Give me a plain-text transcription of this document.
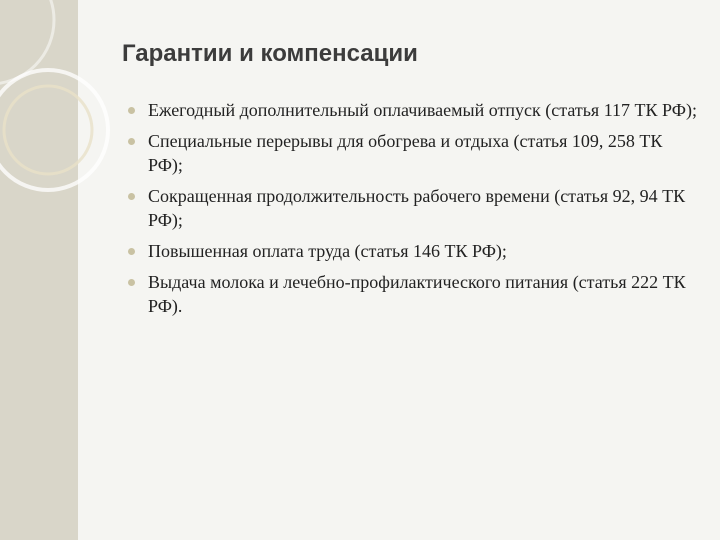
Гарантии и компенсации
Ежегодный дополнительный оплачиваемый отпуск (статья 117 ТК РФ);
Специальные перерывы для обогрева и отдыха (статья 109, 258 ТК РФ);
Сокращенная продолжительность рабочего времени (статья 92, 94 ТК РФ);
Повышенная оплата труда (статья 146 ТК РФ);
Выдача молока и лечебно-профилактического питания (статья 222 ТК РФ).
